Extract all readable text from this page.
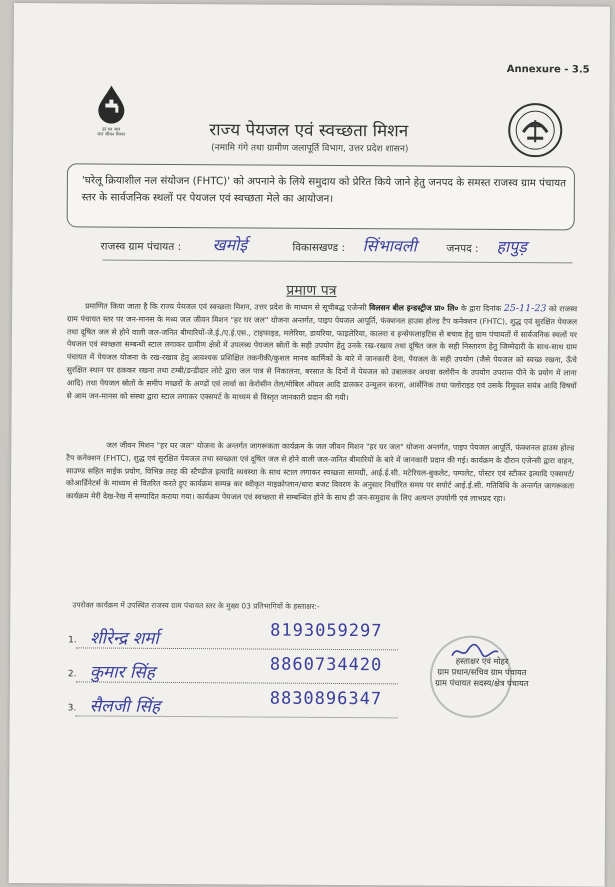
Annexure - 3.5
हर घर जल
जल जीवन मिशन	राज्य पेयजल एवं स्वच्छता मिशन
(नमामि गंगे तथा ग्रामीण जलापूर्ति विभाग, उत्तर प्रदेश शासन)

'घरेलू क्रियाशील नल संयोजन (FHTC)' को अपनाने के लिये समुदाय को प्रेरित किये जाने हेतु जनपद के समस्त राजस्व ग्राम पंचायत स्तर के सार्वजनिक स्थलों पर पेयजल एवं स्वच्छता मेले का आयोजन।

राजस्व ग्राम पंचायत : खमोई	विकासखण्ड : सिंभावली	जनपद : हापुड़
प्रमाण पत्र
प्रमाणित किया जाता है कि राज्य पेयजल एवं स्वच्छता मिशन, उत्तर प्रदेश के माध्यम से सूचीबद्ध एजेन्सी विलसन बील इन्डस्ट्रीज प्रा० लि० के द्वारा दिनांक 25-11-23 को राजस्व ग्राम पंचायत स्तर पर जन-मानस के मध्य जल जीवन मिशन "हर घर जल" योजना अन्तर्गत, पाइप पेयजल आपूर्ति, फंक्शनल हाउस होल्ड टैप कनेक्शन (FHTC), शुद्ध एवं सुरक्षित पेयजल तथा दूषित जल से होने वाली जल-जनित बीमारियों-जे.ई./ए.ई.एस., टाइफाइड, मलेरिया, डायरिया, फाइलेरिया, कालरा व इन्सेफलाइटिस से बचाव हेतु ग्राम पंचायतों में सार्वजनिक स्थलों पर पेयजल एवं स्वच्छता सम्बन्धी स्टाल लगाकर ग्रामीण क्षेत्रों में उपलब्ध पेयजल स्रोतों के सही उपयोग हेतु उनके रख-रखाव तथा दूषित जल के सही निस्तारण हेतु जिम्मेदारी के साथ-साथ ग्राम पंचायत में पेयजल योजना के रख-रखाव हेतु आवश्यक प्रशिक्षित तकनीकी/कुशल मानव कार्मिकों के बारे में जानकारी देना, पेयजल के सही उपयोग (जैसे पेयजल को स्वच्छ रखना, ऊँचे सुरक्षित स्थान पर ढककर रखना तथा टम्बी/डन्डीदार लोटे द्वारा जल पात्र से निकालना, बरसात के दिनों में पेयजल को उबालकर अथवा क्लोरीन के उपयोग उपरान्त पीने के प्रयोग में लाना आदि) तथा पेयजल स्रोतों के समीप मच्छरों के अण्डों एवं लार्वा का केरोसीन तेल/मोबिल ऑयल आदि डालकर उन्मूलन करना, आर्सेनिक तथा फ्लोराइड एवं उसके रिमूवल सयंत्र आदि विषयों से आम जन-मानस को संस्था द्वारा स्टाल लगाकर एक्सपर्ट के माध्यम से विस्तृत जानकारी प्रदान की गयी।
जल जीवन मिशन "हर घर जल" योजना के अन्तर्गत जागरूकता कार्यक्रम के जल जीवन मिशन "हर घर जल" योजना अन्तर्गत, पाइप पेयजल आपूर्ति, फंक्शनल हाउस होल्ड टैप कनेक्शन (FHTC), शुद्ध एवं सुरक्षित पेयजल तथा स्वच्छता एवं दूषित जल से होने वाली जल-जनित बीमारियों के बारे में जानकारी प्रदान की गई। कार्यक्रम के दौरान एजेन्सी द्वारा वाहन, साउण्ड सहित माईक प्रयोग, विभिन्न तरह की स्टैण्डीज इत्यादि व्यवस्था के साथ स्टाल लगाकर स्वच्छता सामग्री, आई.ई.सी. मटेरियल-बुकलेट, पम्पलेट, पोस्टर एवं स्टीकर इत्यादि एक्सपर्ट/कोआर्डिनेटर्स के माध्यम से वितरित करते हुए कार्यक्रम सम्पन्न कर स्वीकृत माइक्रोप्लान/धारा बजट विवरण के अनुसार निर्धारित समय पर सपोर्ट आई.ई.सी. गतिविधि के अन्तर्गत जागरूकता कार्यक्रम मेरी देख-रेख में सम्पादित कराया गया। कार्यक्रम पेयजल एवं स्वच्छता से सम्बन्धित होने के साथ ही जन-समुदाय के लिए अत्यन्त उपयोगी एवं लाभप्रद रहा।
उपरोक्त कार्यक्रम में उपस्थित राजस्व ग्राम पंचायत स्तर के मुख्य 03 प्रतिभागियों के हस्ताक्षर:-
1. शीरेन्द्र शर्मा	8193059297
2. कुमार सिंह	8860734420
3. सैलजी सिंह	8830896347
हस्ताक्षर एवं मोहर
ग्राम प्रधान/सचिव ग्राम पंचायत
ग्राम पंचायत सदस्य/क्षेत्र पंचायत
